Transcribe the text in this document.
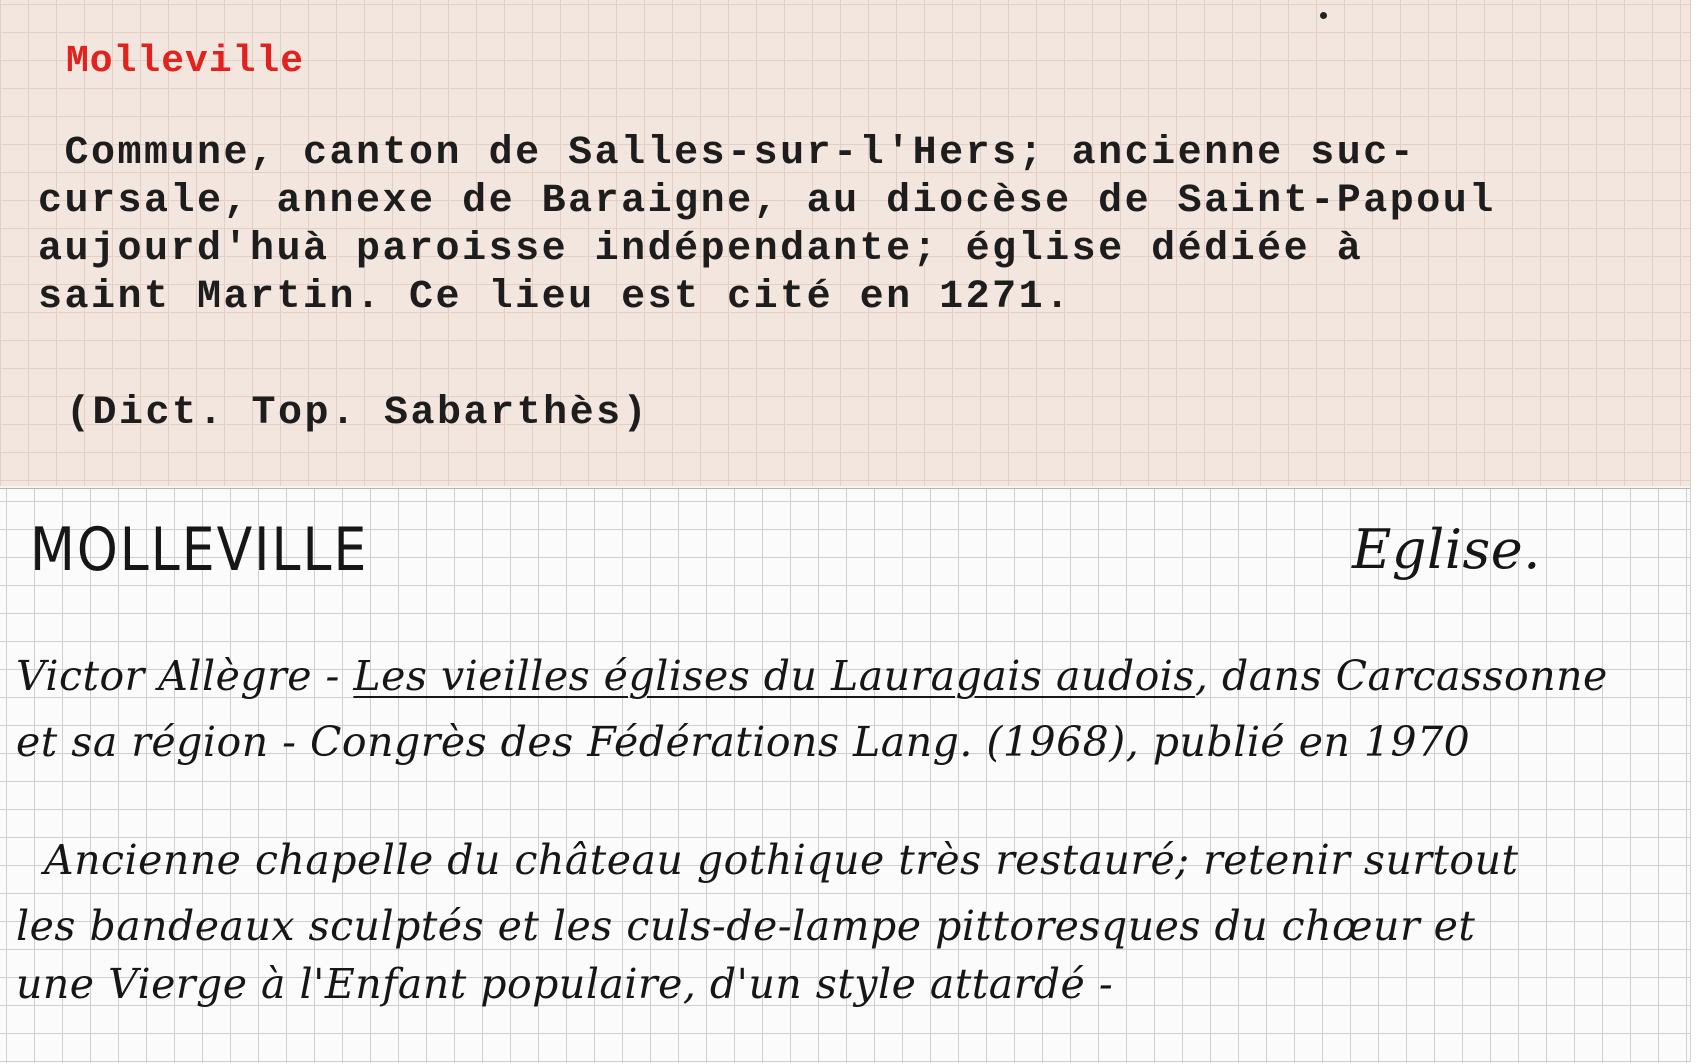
Molleville
Commune, canton de Salles-sur-l'Hers; ancienne suc-
cursale, annexe de Baraigne, au diocèse de Saint-Papoul
aujourd'huà paroisse indépendante; église dédiée à
saint Martin. Ce lieu est cité en 1271.
(Dict. Top. Sabarthès)
MOLLEVILLE	Eglise.
Victor Allègre - Les vieilles églises du Lauragais audois, dans Carcassonne
et sa région - Congrès des Fédérations Lang. (1968), publié en 1970
Ancienne chapelle du château gothique très restauré; retenir surtout
les bandeaux sculptés et les culs-de-lampe pittoresques du chœur et
une Vierge à l'Enfant populaire, d'un style attardé -
